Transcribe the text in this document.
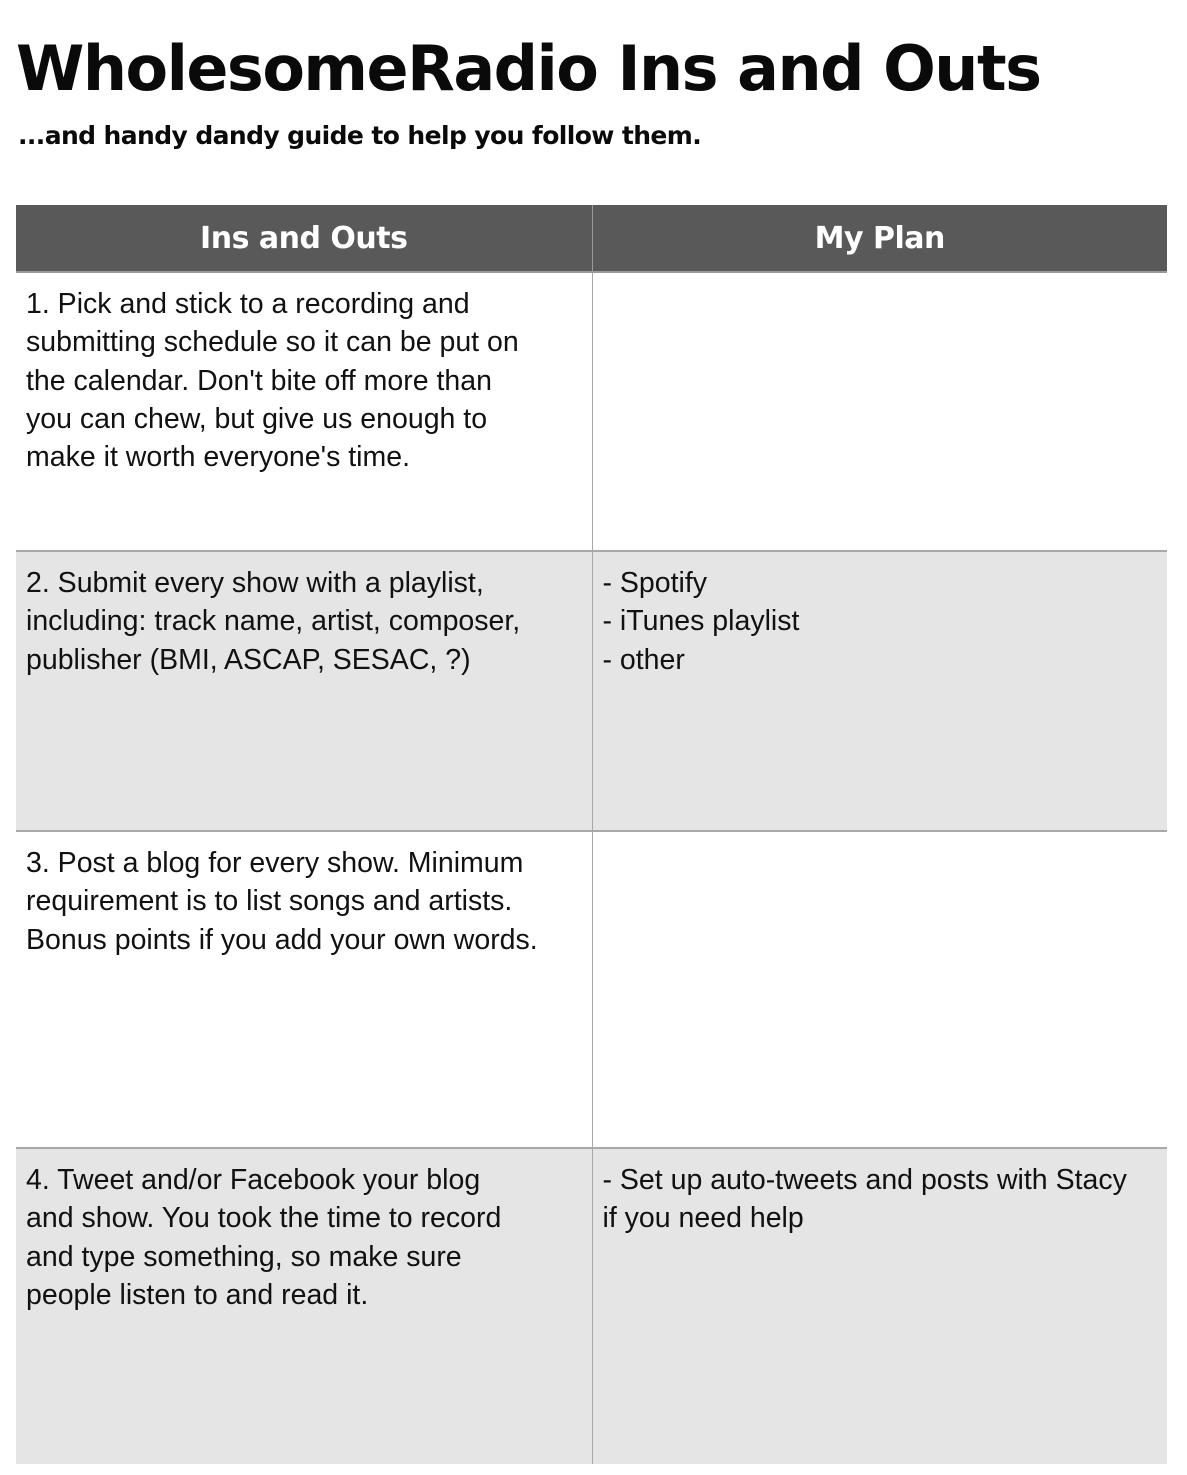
WholesomeRadio Ins and Outs
...and handy dandy guide to help you follow them.
Ins and Outs	My Plan
1. Pick and stick to a recording and
submitting schedule so it can be put on
the calendar. Don't bite off more than
you can chew, but give us enough to
make it worth everyone's time.	
2. Submit every show with a playlist,
including: track name, artist, composer,
publisher (BMI, ASCAP, SESAC, ?)	- Spotify
- iTunes playlist
- other
3. Post a blog for every show. Minimum
requirement is to list songs and artists.
Bonus points if you add your own words.	
4. Tweet and/or Facebook your blog
and show. You took the time to record
and type something, so make sure
people listen to and read it.	- Set up auto-tweets and posts with Stacy
if you need help
